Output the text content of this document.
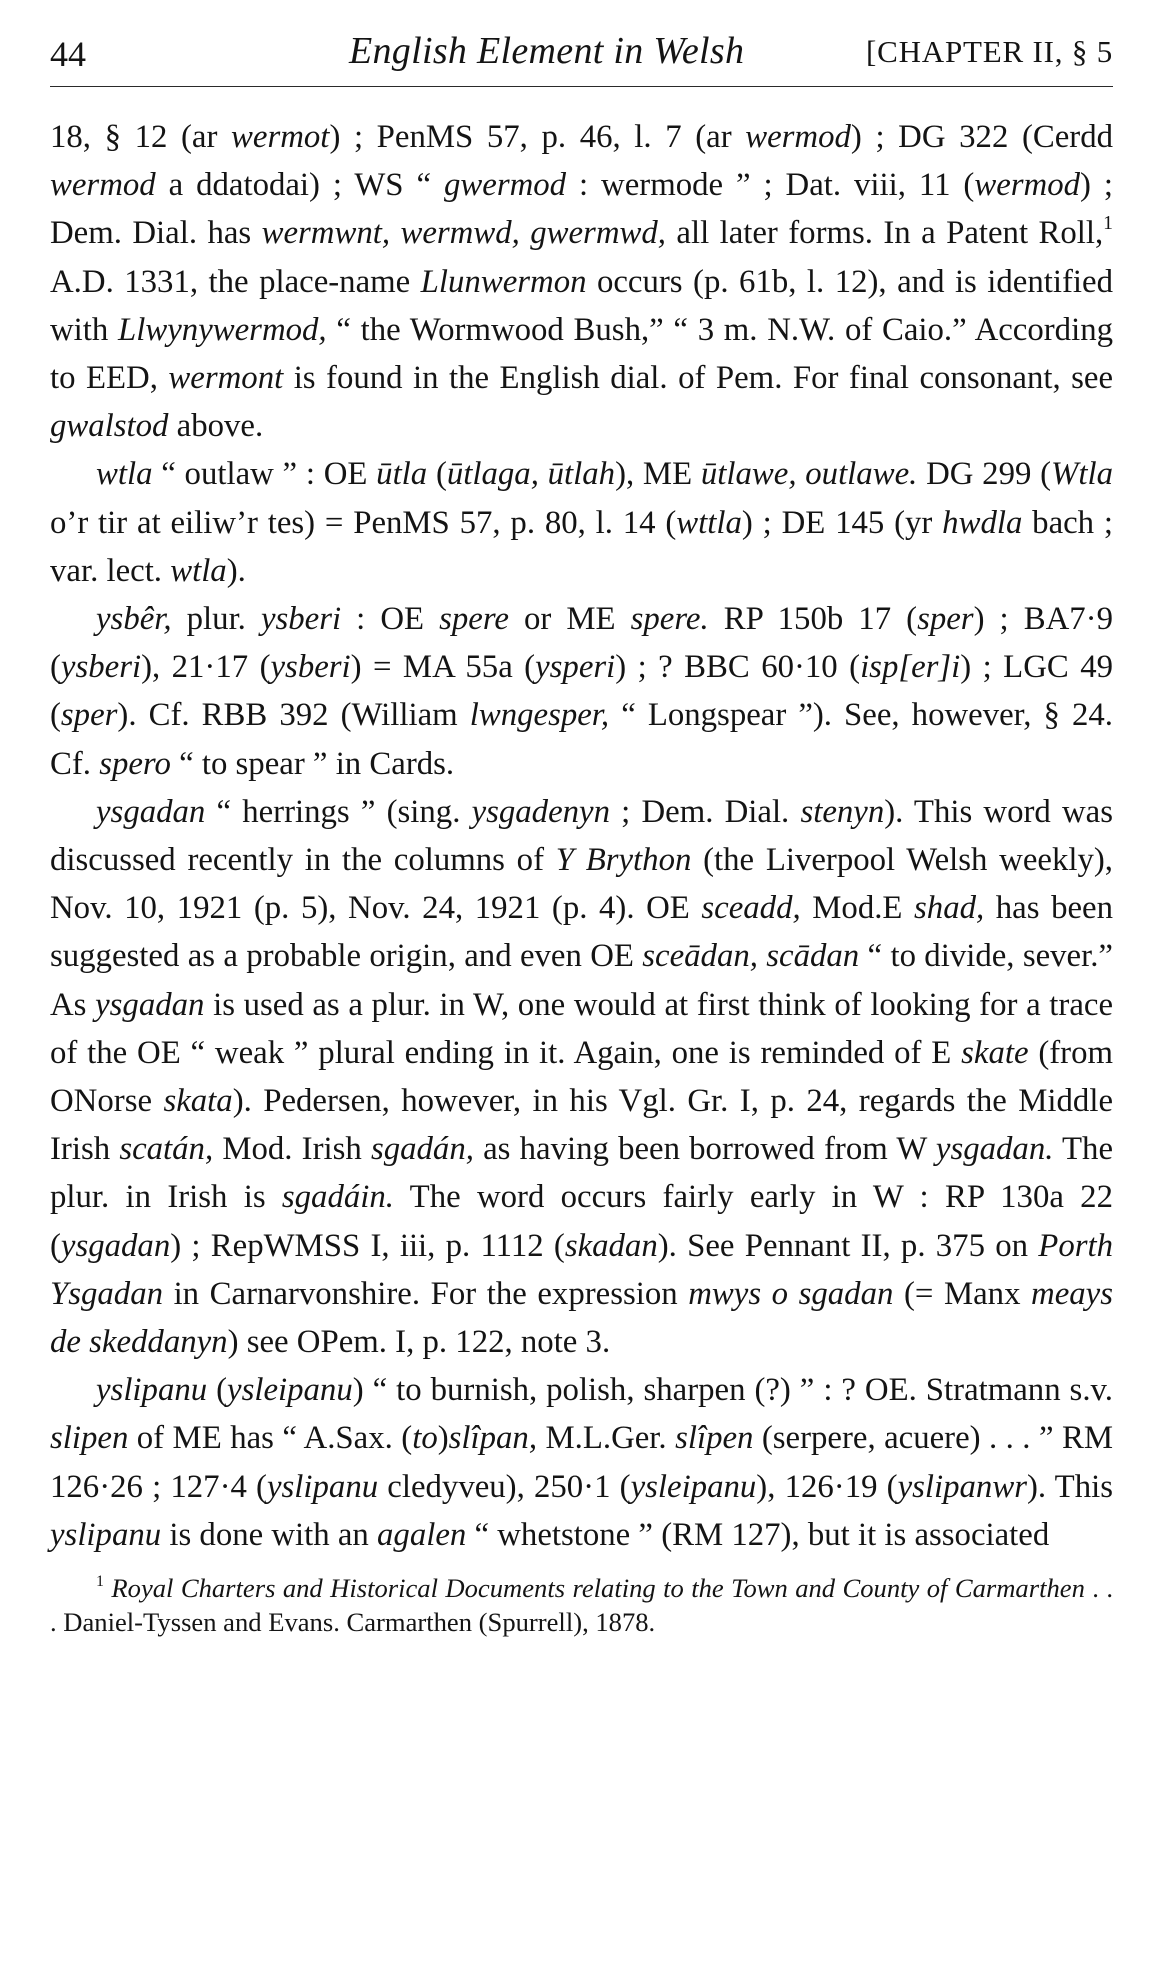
44	English Element in Welsh	[CHAPTER II, § 5

18, § 12 (ar wermot) ; PenMS 57, p. 46, l. 7 (ar wermod) ; DG 322 (Cerdd wermod a ddatodai) ; WS “ gwermod : wermode ” ; Dat. viii, 11 (wermod) ; Dem. Dial. has wermwnt, wermwd, gwermwd, all later forms. In a Patent Roll,$^1$ A.D. 1331, the place-name Llunwermon occurs (p. 61b, l. 12), and is identified with Llwynywermod, “ the Wormwood Bush,” “ 3 m. N.W. of Caio.” According to EED, wermont is found in the English dial. of Pem. For final consonant, see gwalstod above.

wtla “ outlaw ” : OE ūtla (ūtlaga, ūtlah), ME ūtlawe, outlawe. DG 299 (Wtla o’r tir at eiliw’r tes) = PenMS 57, p. 80, l. 14 (wttla) ; DE 145 (yr hwdla bach ; var. lect. wtla).

ysbêr, plur. ysberi : OE spere or ME spere. RP 150b 17 (sper) ; BA7·9 (ysberi), 21·17 (ysberi) = MA 55a (ysperi) ; ? BBC 60·10 (isp[er]i) ; LGC 49 (sper). Cf. RBB 392 (William lwngesper, “ Longspear ”). See, however, § 24. Cf. spero “ to spear ” in Cards.

ysgadan “ herrings ” (sing. ysgadenyn ; Dem. Dial. stenyn). This word was discussed recently in the columns of Y Brython (the Liverpool Welsh weekly), Nov. 10, 1921 (p. 5), Nov. 24, 1921 (p. 4). OE sceadd, Mod.E shad, has been suggested as a probable origin, and even OE sceādan, scādan “ to divide, sever.” As ysgadan is used as a plur. in W, one would at first think of looking for a trace of the OE “ weak ” plural ending in it. Again, one is reminded of E skate (from ONorse skata). Pedersen, however, in his Vgl. Gr. I, p. 24, regards the Middle Irish scatán, Mod. Irish sgadán, as having been borrowed from W ysgadan. The plur. in Irish is sgadáin. The word occurs fairly early in W : RP 130a 22 (ysgadan) ; RepWMSS I, iii, p. 1112 (skadan). See Pennant II, p. 375 on Porth Ysgadan in Carnarvonshire. For the expression mwys o sgadan (= Manx meays de skeddanyn) see OPem. I, p. 122, note 3.

yslipanu (ysleipanu) “ to burnish, polish, sharpen (?) ” : ? OE. Stratmann s.v. slipen of ME has “ A.Sax. (to)slîpan, M.L.Ger. slîpen (serpere, acuere) . . . ” RM 126·26 ; 127·4 (yslipanu cledyveu), 250·1 (ysleipanu), 126·19 (yslipanwr). This yslipanu is done with an agalen “ whetstone ” (RM 127), but it is associated

$^1$ Royal Charters and Historical Documents relating to the Town and County of Carmarthen . . . Daniel-Tyssen and Evans. Carmarthen (Spurrell), 1878.
